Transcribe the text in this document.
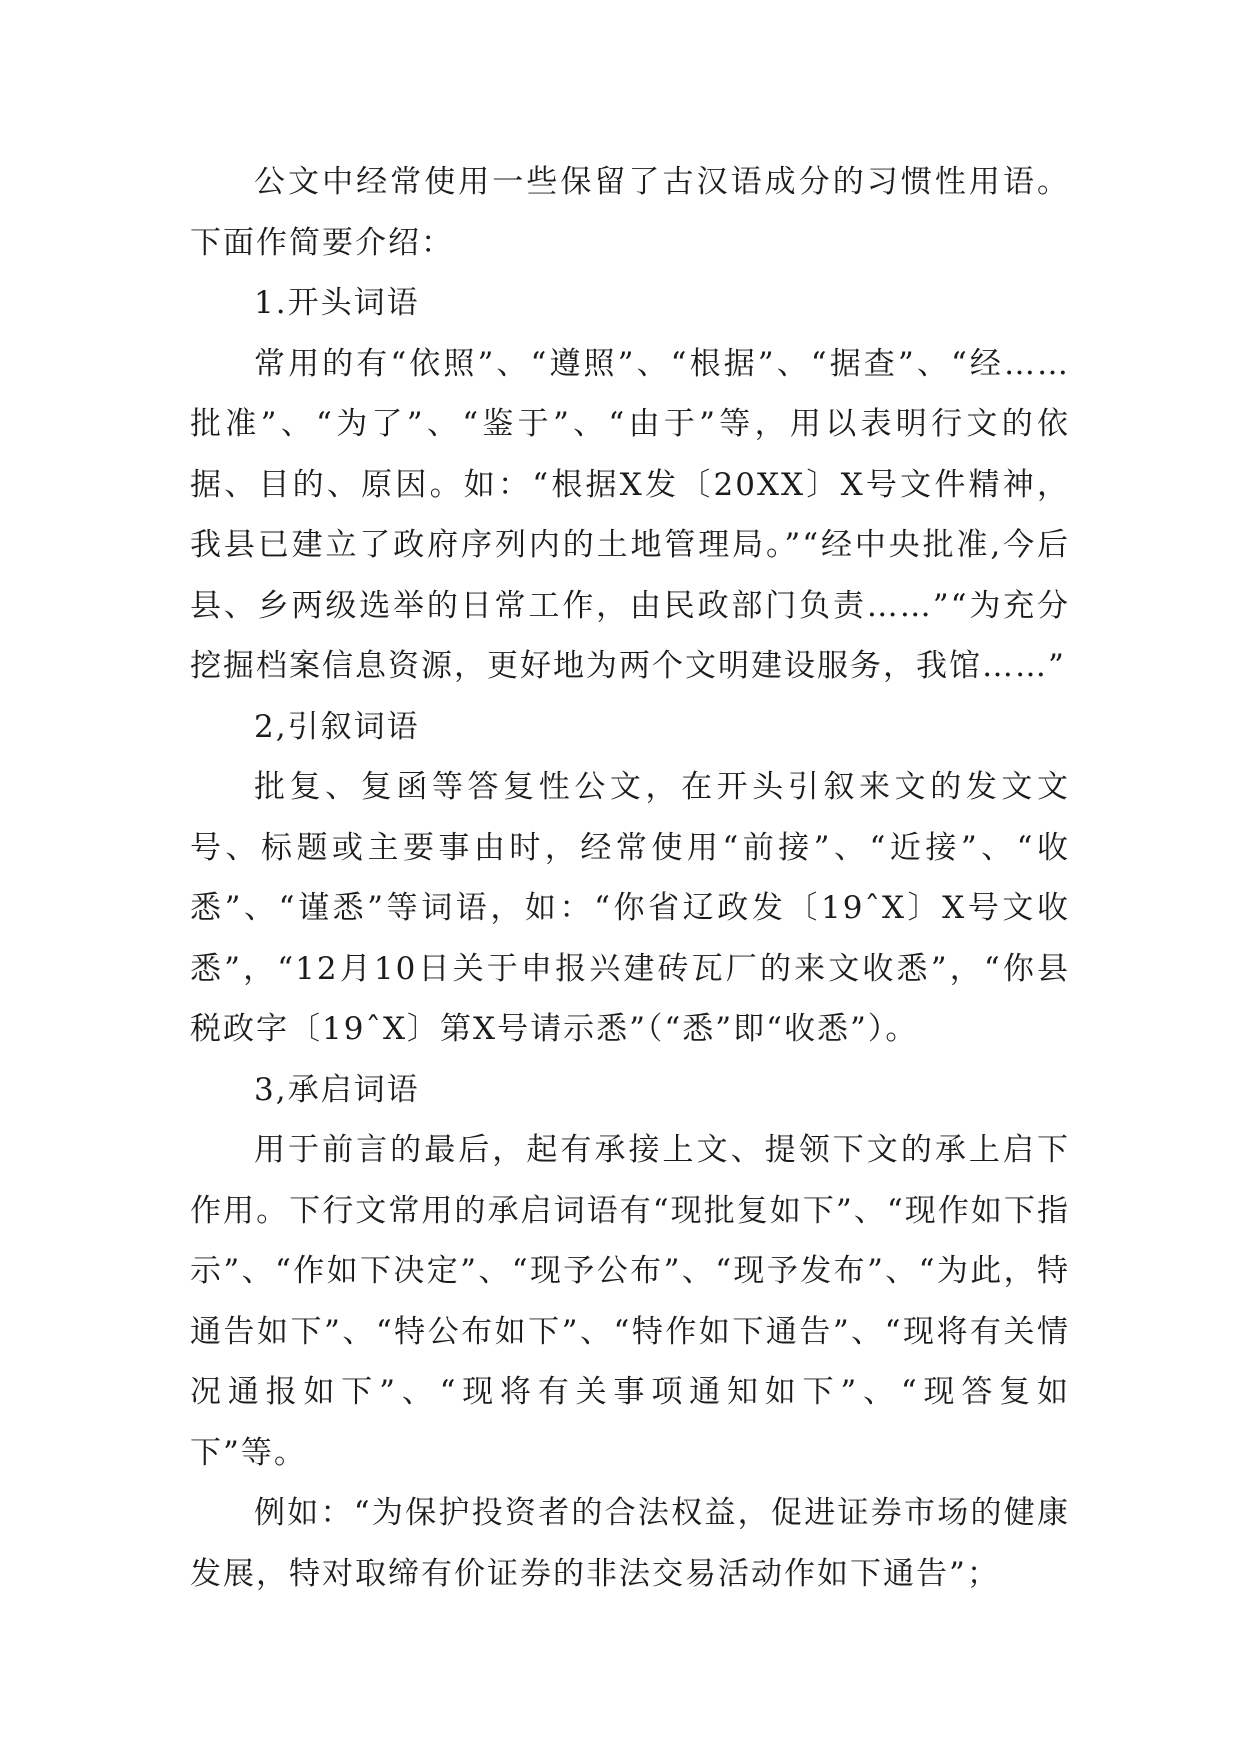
公文中经常使用一些保留了古汉语成分的习惯性用语。下面作简要介绍：

1.开头词语

常用的有“依照”、“遵照”、“根据”、“据查”、“经……批准”、“为了”、“鉴于”、“由于”等，用以表明行文的依据、目的、原因。如：“根据X发〔20XX〕X号文件精神，我县已建立了政府序列内的土地管理局。”“经中央批准,今后县、乡两级选举的日常工作，由民政部门负责……”“为充分挖掘档案信息资源，更好地为两个文明建设服务，我馆……”

2,引叙词语

批复、复函等答复性公文，在开头引叙来文的发文文号、标题或主要事由时，经常使用“前接”、“近接”、“收悉”、“谨悉”等词语，如：“你省辽政发〔19ˆX〕X号文收悉”，“12月10日关于申报兴建砖瓦厂的来文收悉”，“你县税政字〔19ˆX〕第X号请示悉”（“悉”即“收悉”）。

3,承启词语

用于前言的最后，起有承接上文、提领下文的承上启下作用。下行文常用的承启词语有“现批复如下”、“现作如下指示”、“作如下决定”、“现予公布”、“现予发布”、“为此，特通告如下”、“特公布如下”、“特作如下通告”、“现将有关情况通报如下”、“现将有关事项通知如下”、“现答复如下”等。

例如：“为保护投资者的合法权益，促进证券市场的健康发展，特对取缔有价证券的非法交易活动作如下通告”；
